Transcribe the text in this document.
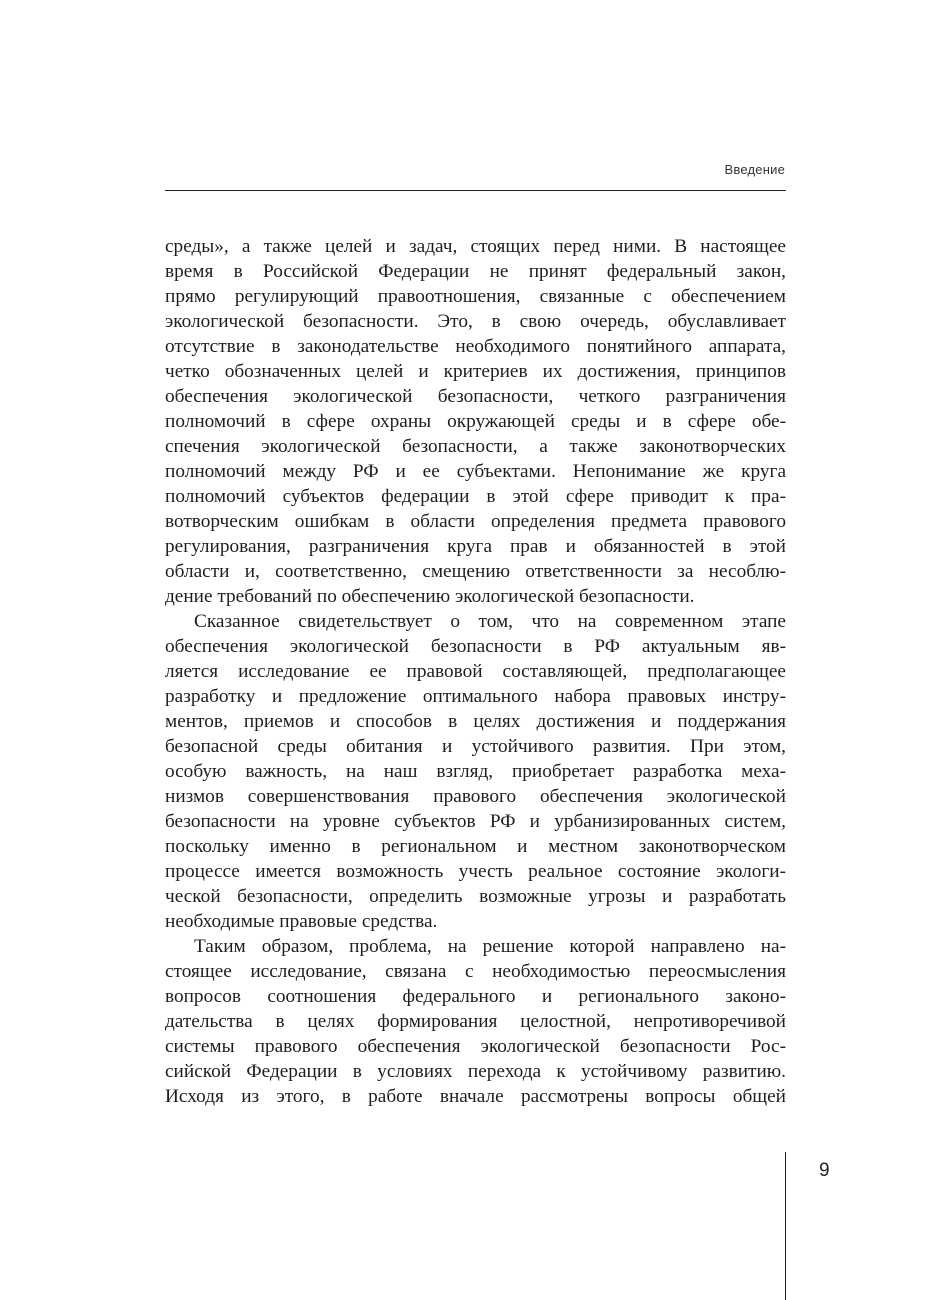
Введение
среды», а также целей и задач, стоящих перед ними. В настоящее
время в Российской Федерации не принят федеральный закон,
прямо регулирующий правоотношения, связанные с обеспечением
экологической безопасности. Это, в свою очередь, обуславливает
отсутствие в законодательстве необходимого понятийного аппарата,
четко обозначенных целей и критериев их достижения, принципов
обеспечения экологической безопасности, четкого разграничения
полномочий в сфере охраны окружающей среды и в сфере обе-
спечения экологической безопасности, а также законотворческих
полномочий между РФ и ее субъектами. Непонимание же круга
полномочий субъектов федерации в этой сфере приводит к пра-
вотворческим ошибкам в области определения предмета правового
регулирования, разграничения круга прав и обязанностей в этой
области и, соответственно, смещению ответственности за несоблю-
дение требований по обеспечению экологической безопасности.
Сказанное свидетельствует о том, что на современном этапе
обеспечения экологической безопасности в РФ актуальным яв-
ляется исследование ее правовой составляющей, предполагающее
разработку и предложение оптимального набора правовых инстру-
ментов, приемов и способов в целях достижения и поддержания
безопасной среды обитания и устойчивого развития. При этом,
особую важность, на наш взгляд, приобретает разработка меха-
низмов совершенствования правового обеспечения экологической
безопасности на уровне субъектов РФ и урбанизированных систем,
поскольку именно в региональном и местном законотворческом
процессе имеется возможность учесть реальное состояние экологи-
ческой безопасности, определить возможные угрозы и разработать
необходимые правовые средства.
Таким образом, проблема, на решение которой направлено на-
стоящее исследование, связана с необходимостью переосмысления
вопросов соотношения федерального и регионального законо-
дательства в целях формирования целостной, непротиворечивой
системы правового обеспечения экологической безопасности Рос-
сийской Федерации в условиях перехода к устойчивому развитию.
Исходя из этого, в работе вначале рассмотрены вопросы общей
9
